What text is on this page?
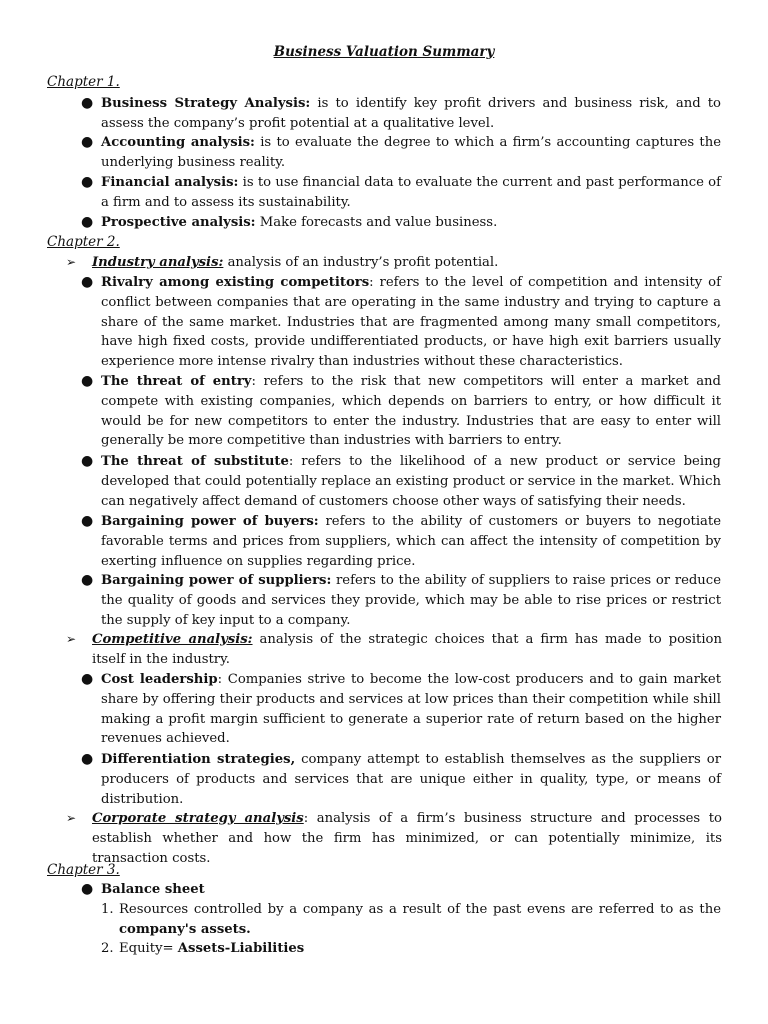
Business Valuation Summary
Chapter 1.
● Business Strategy Analysis: is to identify key profit drivers and business risk, and to assess the company’s profit potential at a qualitative level.
● Accounting analysis: is to evaluate the degree to which a firm’s accounting captures the underlying business reality.
● Financial analysis: is to use financial data to evaluate the current and past performance of a firm and to assess its sustainability.
● Prospective analysis: Make forecasts and value business.
Chapter 2.
➢ Industry analysis: analysis of an industry’s profit potential.
● Rivalry among existing competitors: refers to the level of competition and intensity of conflict between companies that are operating in the same industry and trying to capture a share of the same market. Industries that are fragmented among many small competitors, have high fixed costs, provide undifferentiated products, or have high exit barriers usually experience more intense rivalry than industries without these characteristics.
● The threat of entry: refers to the risk that new competitors will enter a market and compete with existing companies, which depends on barriers to entry, or how difficult it would be for new competitors to enter the industry. Industries that are easy to enter will generally be more competitive than industries with barriers to entry.
● The threat of substitute: refers to the likelihood of a new product or service being developed that could potentially replace an existing product or service in the market. Which can negatively affect demand of customers choose other ways of satisfying their needs.
● Bargaining power of buyers: refers to the ability of customers or buyers to negotiate favorable terms and prices from suppliers, which can affect the intensity of competition by exerting influence on supplies regarding price.
● Bargaining power of suppliers: refers to the ability of suppliers to raise prices or reduce the quality of goods and services they provide, which may be able to rise prices or restrict the supply of key input to a company.
➢ Competitive analysis: analysis of the strategic choices that a firm has made to position itself in the industry.
● Cost leadership: Companies strive to become the low-cost producers and to gain market share by offering their products and services at low prices than their competition while shill making a profit margin sufficient to generate a superior rate of return based on the higher revenues achieved.
● Differentiation strategies, company attempt to establish themselves as the suppliers or producers of products and services that are unique either in quality, type, or means of distribution.
➢ Corporate strategy analysis: analysis of a firm’s business structure and processes to establish whether and how the firm has minimized, or can potentially minimize, its transaction costs.
Chapter 3.
● Balance sheet
1. Resources controlled by a company as a result of the past evens are referred to as the company's assets.
2. Equity= Assets-Liabilities
